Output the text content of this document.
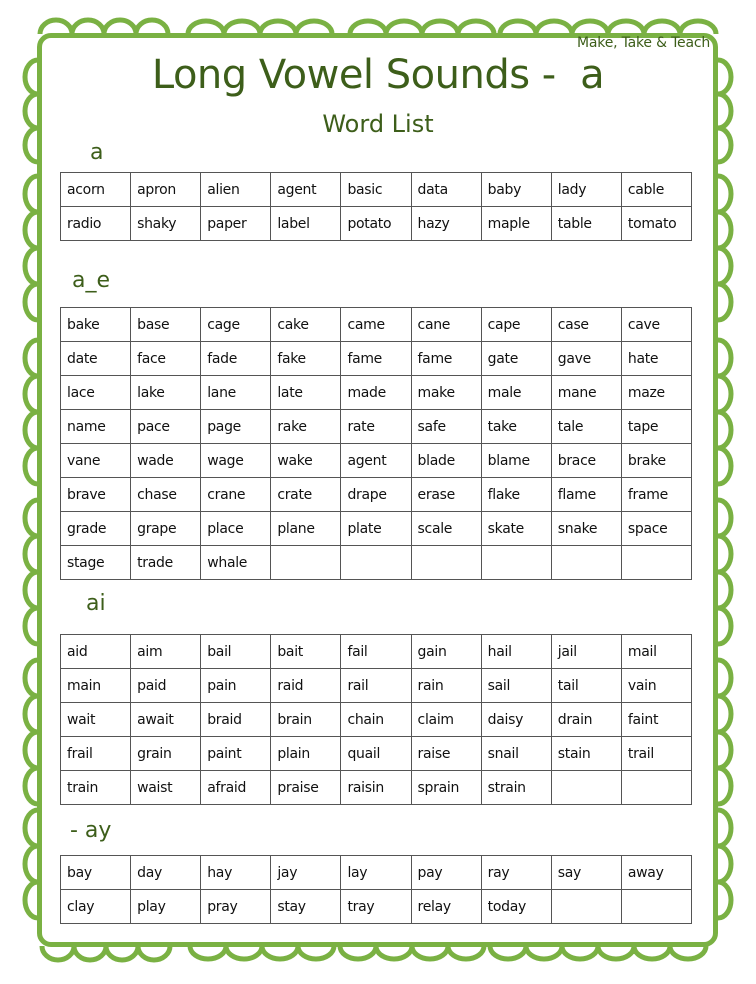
Make, Take & Teach
Long Vowel Sounds -  a
Word List
a
acorn	apron	alien	agent	basic	data	baby	lady	cable
radio	shaky	paper	label	potato	hazy	maple	table	tomato
a_e
bake	base	cage	cake	came	cane	cape	case	cave
date	face	fade	fake	fame	fame	gate	gave	hate
lace	lake	lane	late	made	make	male	mane	maze
name	pace	page	rake	rate	safe	take	tale	tape
vane	wade	wage	wake	agent	blade	blame	brace	brake
brave	chase	crane	crate	drape	erase	flake	flame	frame
grade	grape	place	plane	plate	scale	skate	snake	space
stage	trade	whale						
ai
aid	aim	bail	bait	fail	gain	hail	jail	mail
main	paid	pain	raid	rail	rain	sail	tail	vain
wait	await	braid	brain	chain	claim	daisy	drain	faint
frail	grain	paint	plain	quail	raise	snail	stain	trail
train	waist	afraid	praise	raisin	sprain	strain		
- ay
bay	day	hay	jay	lay	pay	ray	say	away
clay	play	pray	stay	tray	relay	today		
